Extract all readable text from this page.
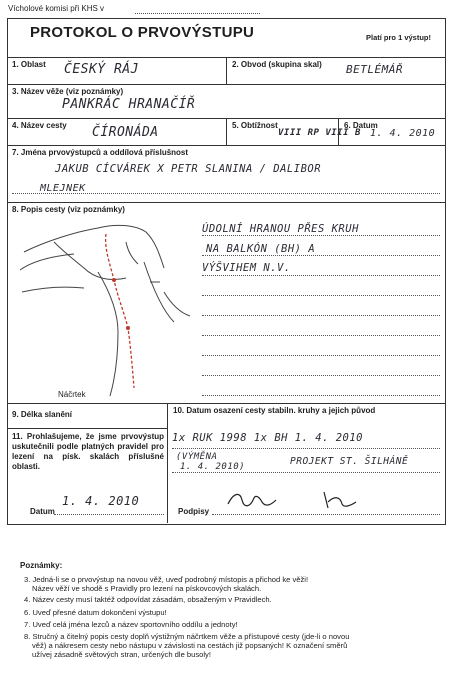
Vícholové komisi při KHS v
PROTOKOL O PRVOVÝSTUPU	Platí pro 1 výstup!
1. Oblast ČESKÝ RÁJ	2. Obvod (skupina skal) BETLÉMÁŘ
3. Název věže (viz poznámky)
PANKRÁC HRANAČÍŘ
4. Název cesty ČÍRONÁDA	5. Obtížnost
VIII RP VIII B
6. Datum
1. 4. 2010
7. Jména prvovýstupců a oddílová příslušnost
JAKUB CÍCVÁREK X PETR SLANINA / DALIBOR
MLEJNEK
8. Popis cesty (viz poznámky)
Náčrtek
ÚDOLNÍ HRANOU PŘES KRUH
NA BALKÓN (BH) A
VÝŠVIHEM N.V.
9. Délka slanění	10. Datum osazení cesty stabiln. kruhy a jejich původ
1x RUK 1998 1x BH 1. 4. 2010
(VÝMĚNA
1. 4. 2010)	PROJEKT ST. ŠILHÁNĚ
11. Prohlašujeme, že jsme prvovýstup uskutečnili podle platných pravidel pro lezení na písk. skalách příslušné oblasti.
Datum
1. 4. 2010
Podpisy
Poznámky:
3. Jedná-li se o prvovýstup na novou věž, uveď podrobný místopis a přichod ke věži!
Název věží ve shodě s Pravidly pro lezení na pískovcových skalách.
4. Název cesty musí taktéž odpovídat zásadám, obsaženým v Pravidlech.
6. Uveď přesné datum dokončení výstupu!
7. Uveď celá jména lezců a název sportovního oddílu a jednoty!
8. Stručný a čitelný popis cesty doplň výstižným náčrtkem věže a přístupové cesty (jde-li o novou
věž) a nákresem cesty nebo nástupu v závislosti na cestách již popsaných! K označení směrů
užívej zásadně světových stran, určených dle busoly!
